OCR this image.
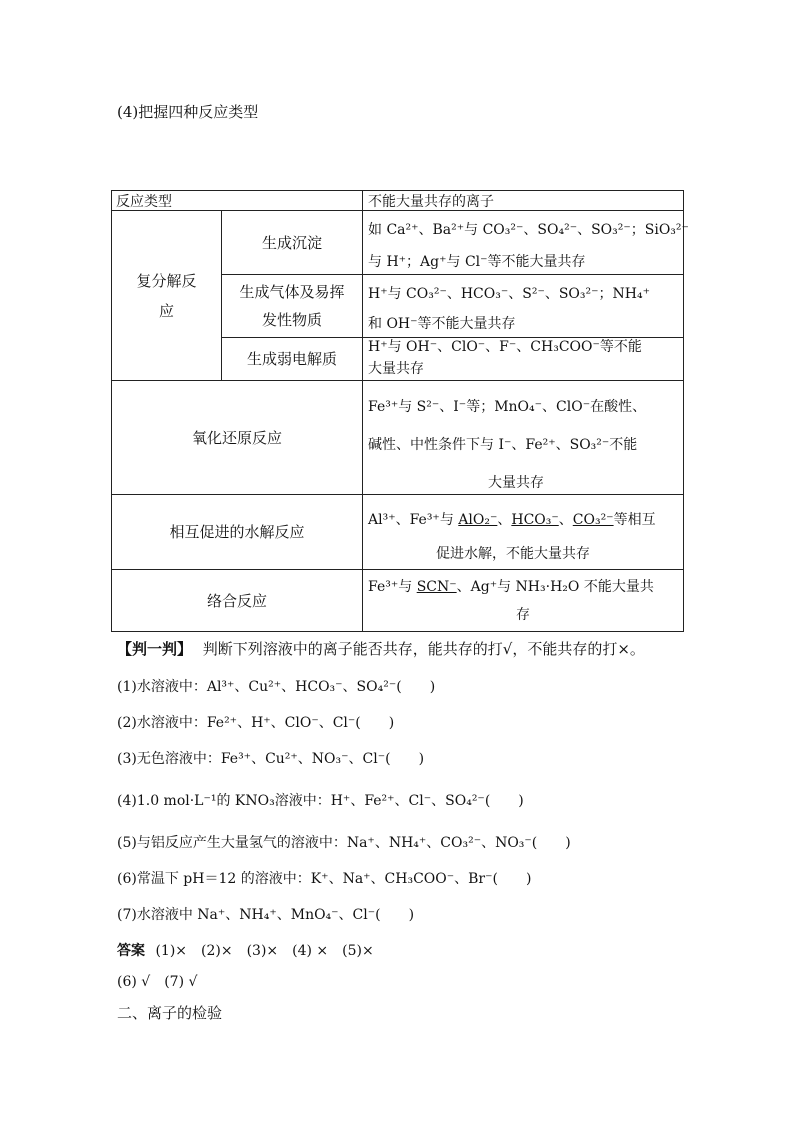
(4)把握四种反应类型
反应类型	不能大量共存的离子
复分解反应
生成沉淀
如 Ca²⁺、Ba²⁺与 CO₃²⁻、SO₄²⁻、SO₃²⁻；SiO₃²⁻
与 H⁺；Ag⁺与 Cl⁻等不能大量共存
生成气体及易挥
发性物质
H⁺与 CO₃²⁻、HCO₃⁻、S²⁻、SO₃²⁻；NH₄⁺
和 OH⁻等不能大量共存
生成弱电解质
H⁺与 OH⁻、ClO⁻、F⁻、CH₃COO⁻等不能
大量共存
氧化还原反应
Fe³⁺与 S²⁻、I⁻等；MnO₄⁻、ClO⁻在酸性、
碱性、中性条件下与 I⁻、Fe²⁺、SO₃²⁻不能
大量共存
相互促进的水解反应
Al³⁺、Fe³⁺与 AlO₂⁻、HCO₃⁻、CO₃²⁻等相互
促进水解，不能大量共存
络合反应
Fe³⁺与 SCN⁻、Ag⁺与 NH₃·H₂O 不能大量共
存
【判一判】 判断下列溶液中的离子能否共存，能共存的打√，不能共存的打×。
(1)水溶液中：Al³⁺、Cu²⁺、HCO₃⁻、SO₄²⁻(　　)
(2)水溶液中：Fe²⁺、H⁺、ClO⁻、Cl⁻(　　)
(3)无色溶液中：Fe³⁺、Cu²⁺、NO₃⁻、Cl⁻(　　)
(4)1.0 mol·L⁻¹的 KNO₃溶液中：H⁺、Fe²⁺、Cl⁻、SO₄²⁻(　　)
(5)与铝反应产生大量氢气的溶液中：Na⁺、NH₄⁺、CO₃²⁻、NO₃⁻(　　)
(6)常温下 pH＝12 的溶液中：K⁺、Na⁺、CH₃COO⁻、Br⁻(　　)
(7)水溶液中 Na⁺、NH₄⁺、MnO₄⁻、Cl⁻(　　)
答案 (1)×　(2)×　(3)×　(4) ×　(5)×
(6) √　(7) √
二、离子的检验
